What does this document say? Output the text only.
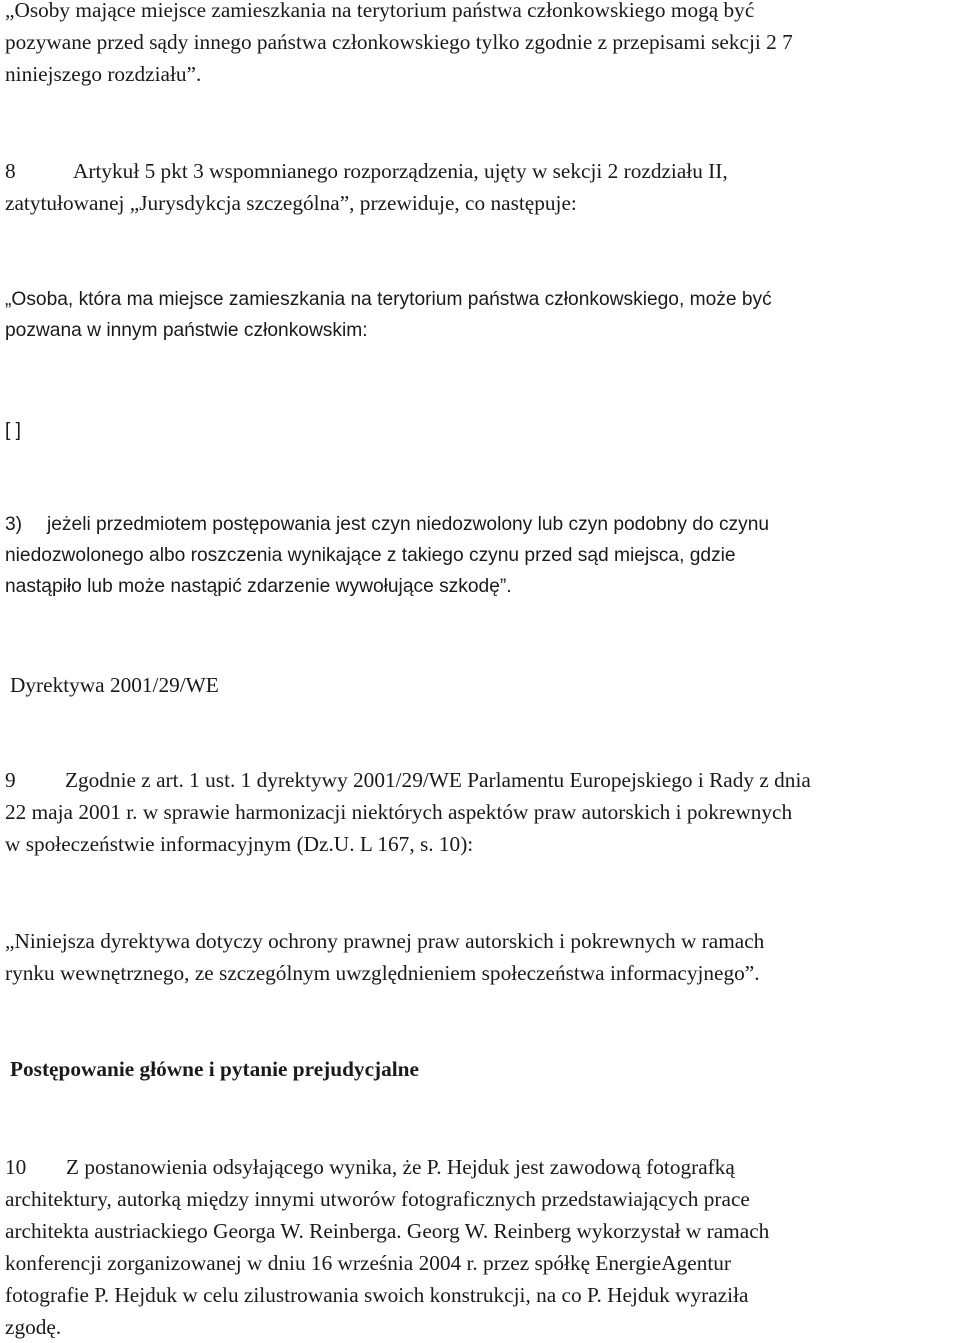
„Osoby mające miejsce zamieszkania na terytorium państwa członkowskiego mogą być
pozywane przed sądy innego państwa członkowskiego tylko zgodnie z przepisami sekcji 2 7
niniejszego rozdziału”.
8	Artykuł 5 pkt 3 wspomnianego rozporządzenia, ujęty w sekcji 2 rozdziału II,
zatytułowanej „Jurysdykcja szczególna”, przewiduje, co następuje:
„Osoba, która ma miejsce zamieszkania na terytorium państwa członkowskiego, może być
pozwana w innym państwie członkowskim:
[ ]
3) jeżeli przedmiotem postępowania jest czyn niedozwolony lub czyn podobny do czynu
niedozwolonego albo roszczenia wynikające z takiego czynu przed sąd miejsca, gdzie
nastąpiło lub może nastąpić zdarzenie wywołujące szkodę”.
Dyrektywa 2001/29/WE
9 Zgodnie z art. 1 ust. 1 dyrektywy 2001/29/WE Parlamentu Europejskiego i Rady z dnia
22 maja 2001 r. w sprawie harmonizacji niektórych aspektów praw autorskich i pokrewnych
w społeczeństwie informacyjnym (Dz.U. L 167, s. 10):
„Niniejsza dyrektywa dotyczy ochrony prawnej praw autorskich i pokrewnych w ramach
rynku wewnętrznego, ze szczególnym uwzględnieniem społeczeństwa informacyjnego”.
Postępowanie główne i pytanie prejudycjalne
10 Z postanowienia odsyłającego wynika, że P. Hejduk jest zawodową fotografką
architektury, autorką między innymi utworów fotograficznych przedstawiających prace
architekta austriackiego Georga W. Reinberga. Georg W. Reinberg wykorzystał w ramach
konferencji zorganizowanej w dniu 16 września 2004 r. przez spółkę EnergieAgentur
fotografie P. Hejduk w celu zilustrowania swoich konstrukcji, na co P. Hejduk wyraziła
zgodę.
